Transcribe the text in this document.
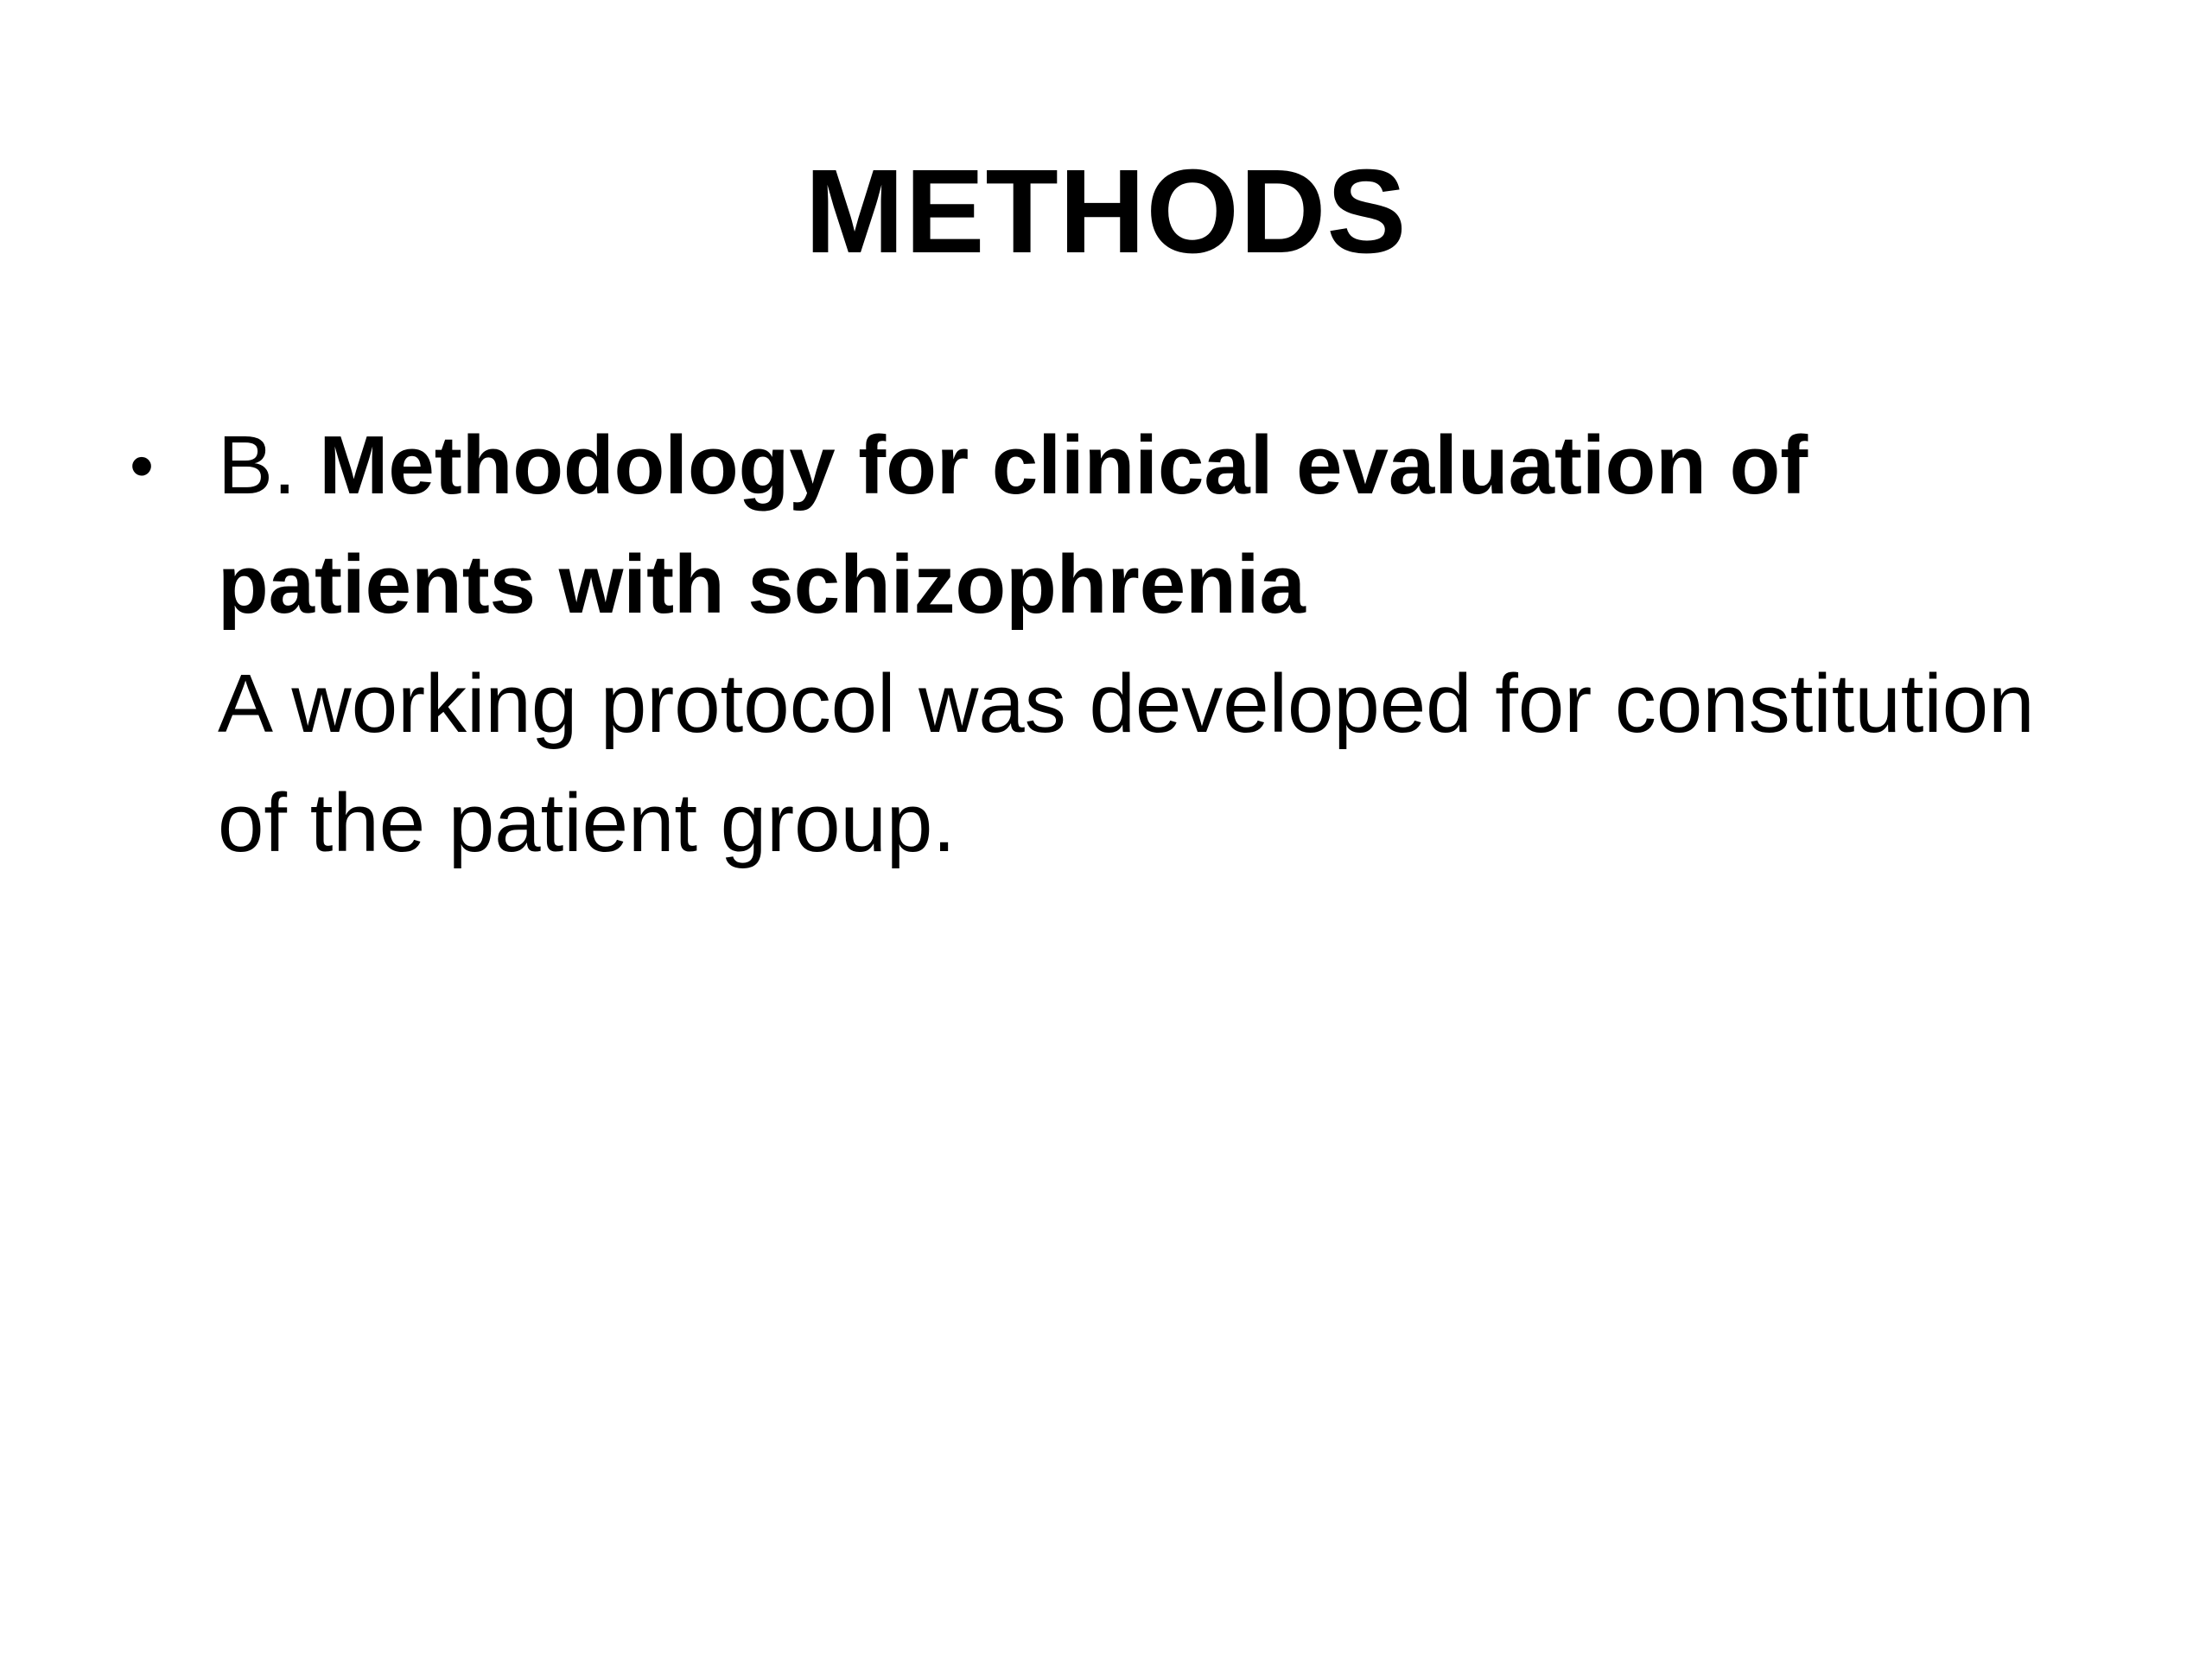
METHODS
• B. Methodology for clinical evaluation of patients with schizophrenia
A working protocol was developed for constitution of the patient group.
